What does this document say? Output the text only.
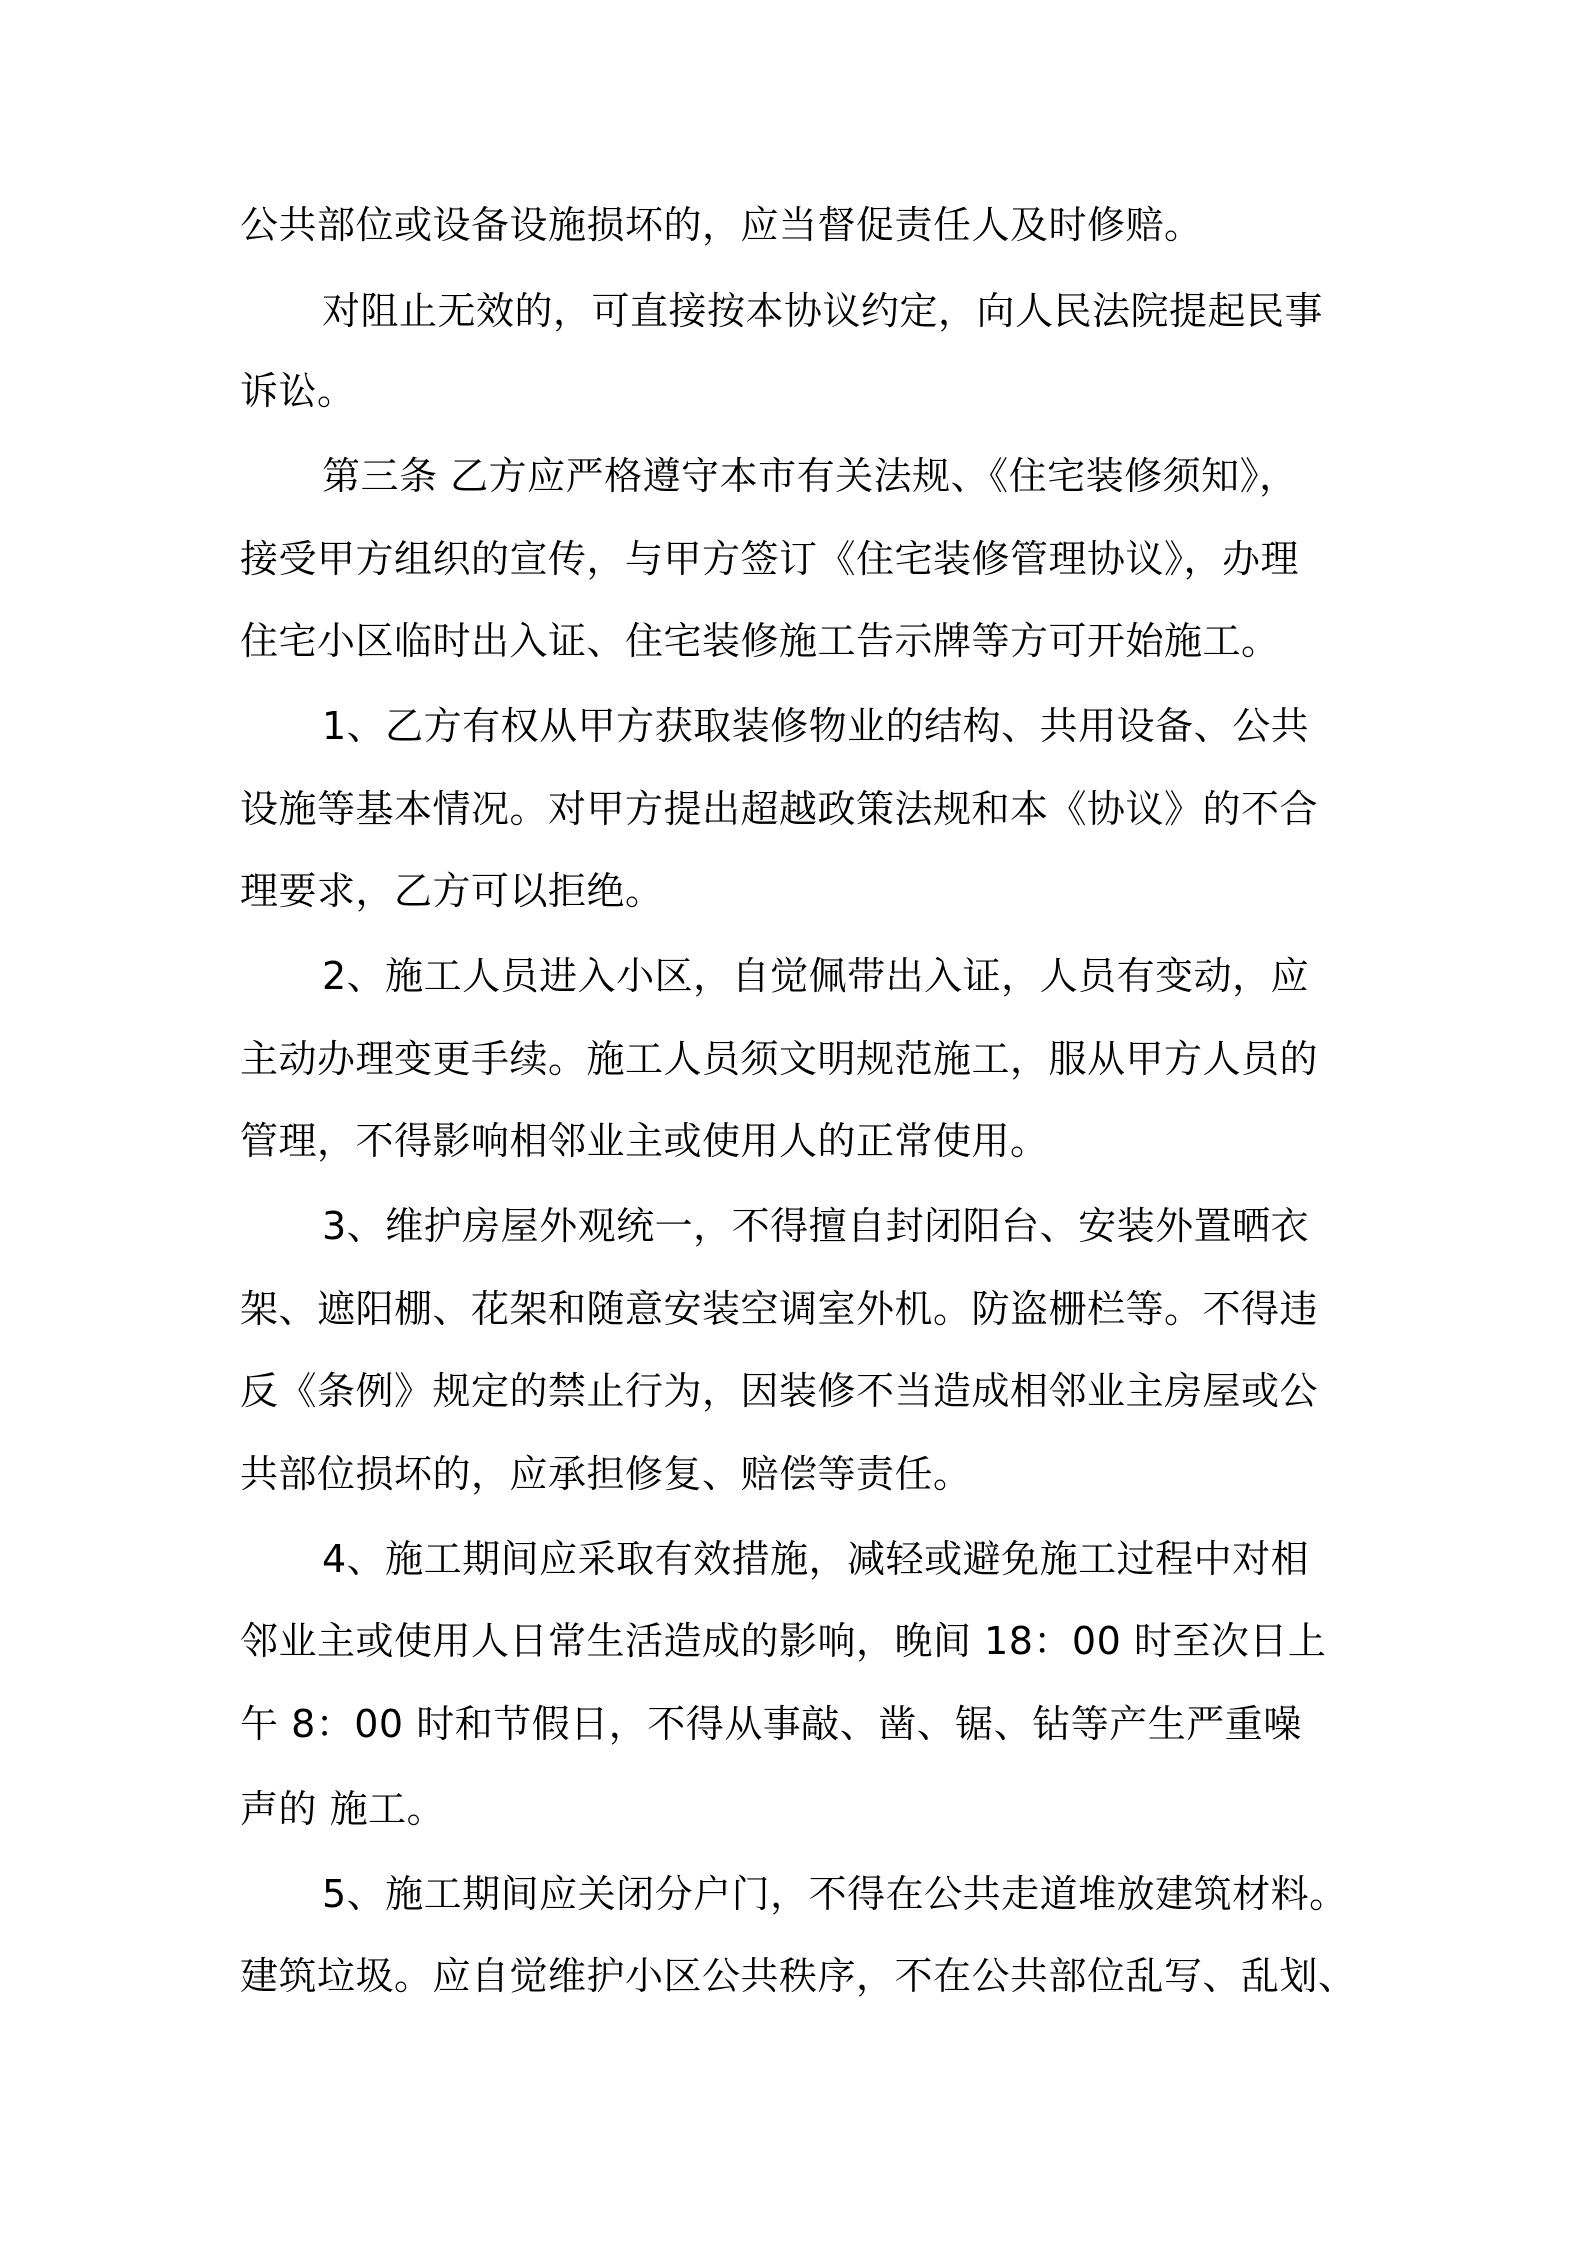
公共部位或设备设施损坏的，应当督促责任人及时修赔。
对阻止无效的，可直接按本协议约定，向人民法院提起民事
诉讼。
第三条 乙方应严格遵守本市有关法规、《住宅装修须知》，
接受甲方组织的宣传，与甲方签订《住宅装修管理协议》，办理
住宅小区临时出入证、住宅装修施工告示牌等方可开始施工。
1、乙方有权从甲方获取装修物业的结构、共用设备、公共
设施等基本情况。对甲方提出超越政策法规和本《协议》的不合
理要求，乙方可以拒绝。
2、施工人员进入小区，自觉佩带出入证，人员有变动，应
主动办理变更手续。施工人员须文明规范施工，服从甲方人员的
管理，不得影响相邻业主或使用人的正常使用。
3、维护房屋外观统一，不得擅自封闭阳台、安装外置晒衣
架、遮阳棚、花架和随意安装空调室外机。防盗栅栏等。不得违
反《条例》规定的禁止行为，因装修不当造成相邻业主房屋或公
共部位损坏的，应承担修复、赔偿等责任。
4、施工期间应采取有效措施，减轻或避免施工过程中对相
邻业主或使用人日常生活造成的影响，晚间 18：00 时至次日上
午 8：00 时和节假日，不得从事敲、凿、锯、钻等产生严重噪
声的 施工。
5、施工期间应关闭分户门，不得在公共走道堆放建筑材料。
建筑垃圾。应自觉维护小区公共秩序，不在公共部位乱写、乱划、
